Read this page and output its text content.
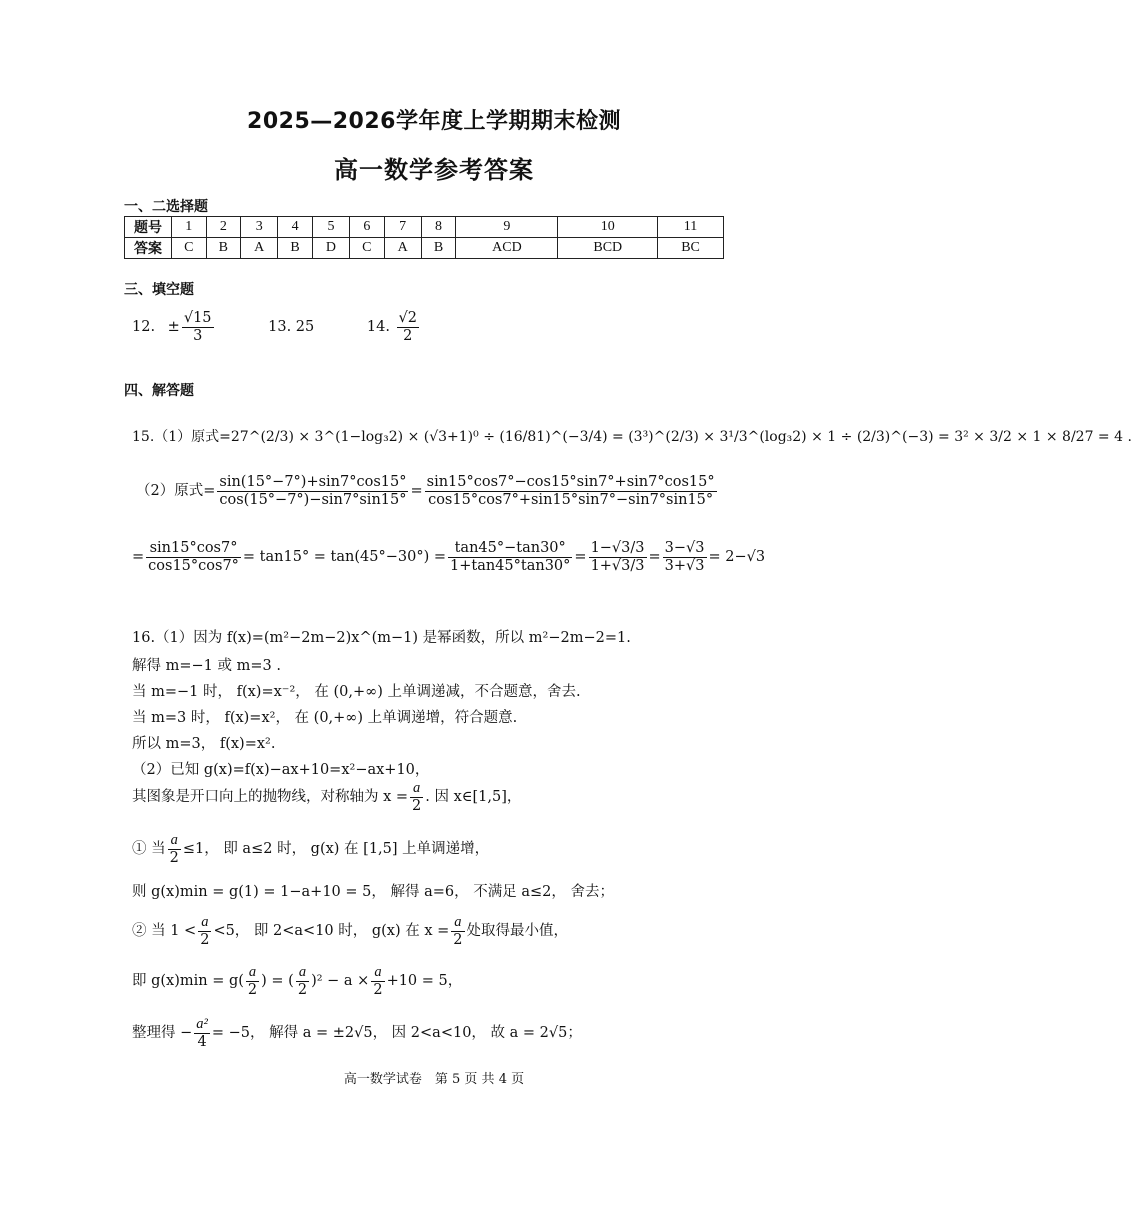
2025—2026学年度上学期期末检测
高一数学参考答案
一、二选择题
题号	1	2	3	4	5	6	7	8	9	10	11
答案	C	B	A	B	D	C	A	B	ACD	BCD	BC
三、填空题
12. ± $\frac{√15}{3}$	13. 25	14. $\frac{√2}{2}$
四、解答题
15.（1）原式=27^(2/3) × 3^(1−log₃2) × (√3+1)⁰ ÷ (16/81)^(−3/4) = (3³)^(2/3) × 3¹/3^(log₃2) × 1 ÷ (2/3)^(−3) = 3² × 3/2 × 1 × 8/27 = 4 .
（2）原式= $\frac{\sin(15^\circ-7^\circ)+\sin 7^\circ\cos 15^\circ}{\cos(15^\circ-7^\circ)-\sin 7^\circ\sin 15^\circ} = \frac{\sin 15^\circ\cos 7^\circ-\cos 15^\circ\sin 7^\circ+\sin 7^\circ\cos 15^\circ}{\cos 15^\circ\cos 7^\circ+\sin 15^\circ\sin 7^\circ-\sin 7^\circ\sin 15^\circ}$
= $\frac{\sin 15^\circ\cos 7^\circ}{\cos 15^\circ\cos 7^\circ} = \tan 15^\circ = \tan(45^\circ-30^\circ) = \frac{\tan 45^\circ-\tan 30^\circ}{1+\tan 45^\circ\tan 30^\circ} = \frac{1-√3/3}{1+√3/3} = \frac{3-√3}{3+√3} = 2-√3$
16.（1）因为 f(x)=(m²−2m−2)x^(m−1) 是幂函数，所以 m²−2m−2=1.
解得 m=−1 或 m=3 .
当 m=−1 时， f(x)=x⁻²， 在 (0,+∞) 上单调递减，不合题意，舍去.
当 m=3 时， f(x)=x²， 在 (0,+∞) 上单调递增，符合题意.
所以 m=3， f(x)=x².
（2）已知 g(x)=f(x)−ax+10=x²−ax+10，
其图象是开口向上的抛物线，对称轴为 $x = \frac{a}{2}$ . 因 x∈[1,5]，
① 当 $\frac{a}{2} \le 1$， 即 a≤2 时， g(x) 在 [1,5] 上单调递增，
则 g(x)min = g(1) = 1−a+10 = 5， 解得 a=6， 不满足 a≤2， 舍去；
② 当 $1 < \frac{a}{2} <5$， 即 2<a<10 时， g(x) 在 $x = \frac{a}{2}$ 处取得最小值，
即 $g(x)\min = g( \frac{a}{2}$ ) = ( $\frac{a}{2} )^2 - a \times \frac{a}{2} +10 = 5$，
整理得 − $\frac{\text{a²}}{4} = -5$， 解得 a = ±2√5， 因 2<a<10， 故 a = 2√5；
高一数学试卷　第 5 页 共 4 页
